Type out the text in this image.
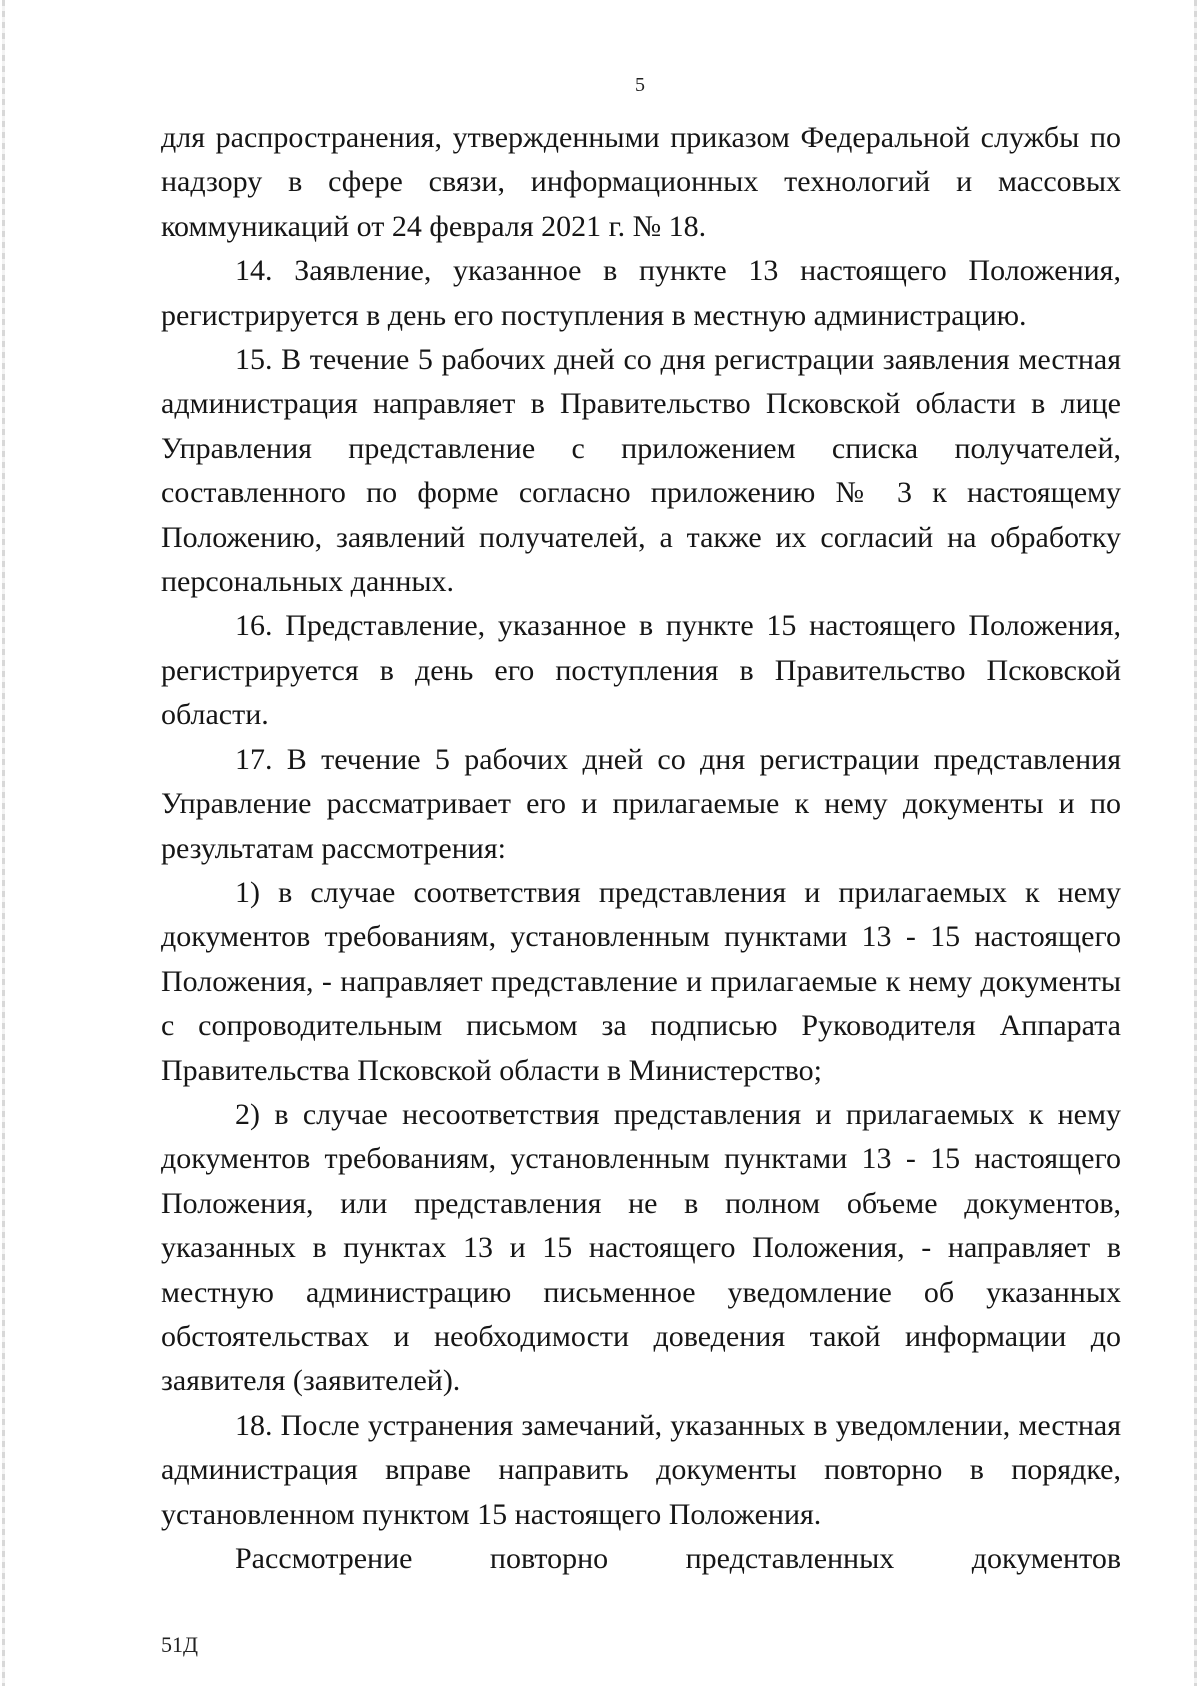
5

для распространения, утвержденными приказом Федеральной службы по надзору в сфере связи, информационных технологий и массовых коммуникаций от 24 февраля 2021 г. № 18.

14. Заявление, указанное в пункте 13 настоящего Положения, регистрируется в день его поступления в местную администрацию.

15. В течение 5 рабочих дней со дня регистрации заявления местная администрация направляет в Правительство Псковской области в лице Управления представление с приложением списка получателей, составленного по форме согласно приложению № 3 к настоящему Положению, заявлений получателей, а также их согласий на обработку персональных данных.

16. Представление, указанное в пункте 15 настоящего Положения, регистрируется в день его поступления в Правительство Псковской области.

17. В течение 5 рабочих дней со дня регистрации представления Управление рассматривает его и прилагаемые к нему документы и по результатам рассмотрения:

1) в случае соответствия представления и прилагаемых к нему документов требованиям, установленным пунктами 13 - 15 настоящего Положения, - направляет представление и прилагаемые к нему документы с сопроводительным письмом за подписью Руководителя Аппарата Правительства Псковской области в Министерство;

2) в случае несоответствия представления и прилагаемых к нему документов требованиям, установленным пунктами 13 - 15 настоящего Положения, или представления не в полном объеме документов, указанных в пунктах 13 и 15 настоящего Положения, - направляет в местную администрацию письменное уведомление об указанных обстоятельствах и необходимости доведения такой информации до заявителя (заявителей).

18. После устранения замечаний, указанных в уведомлении, местная администрация вправе направить документы повторно в порядке, установленном пунктом 15 настоящего Положения.

Рассмотрение повторно представленных документов

51Д
